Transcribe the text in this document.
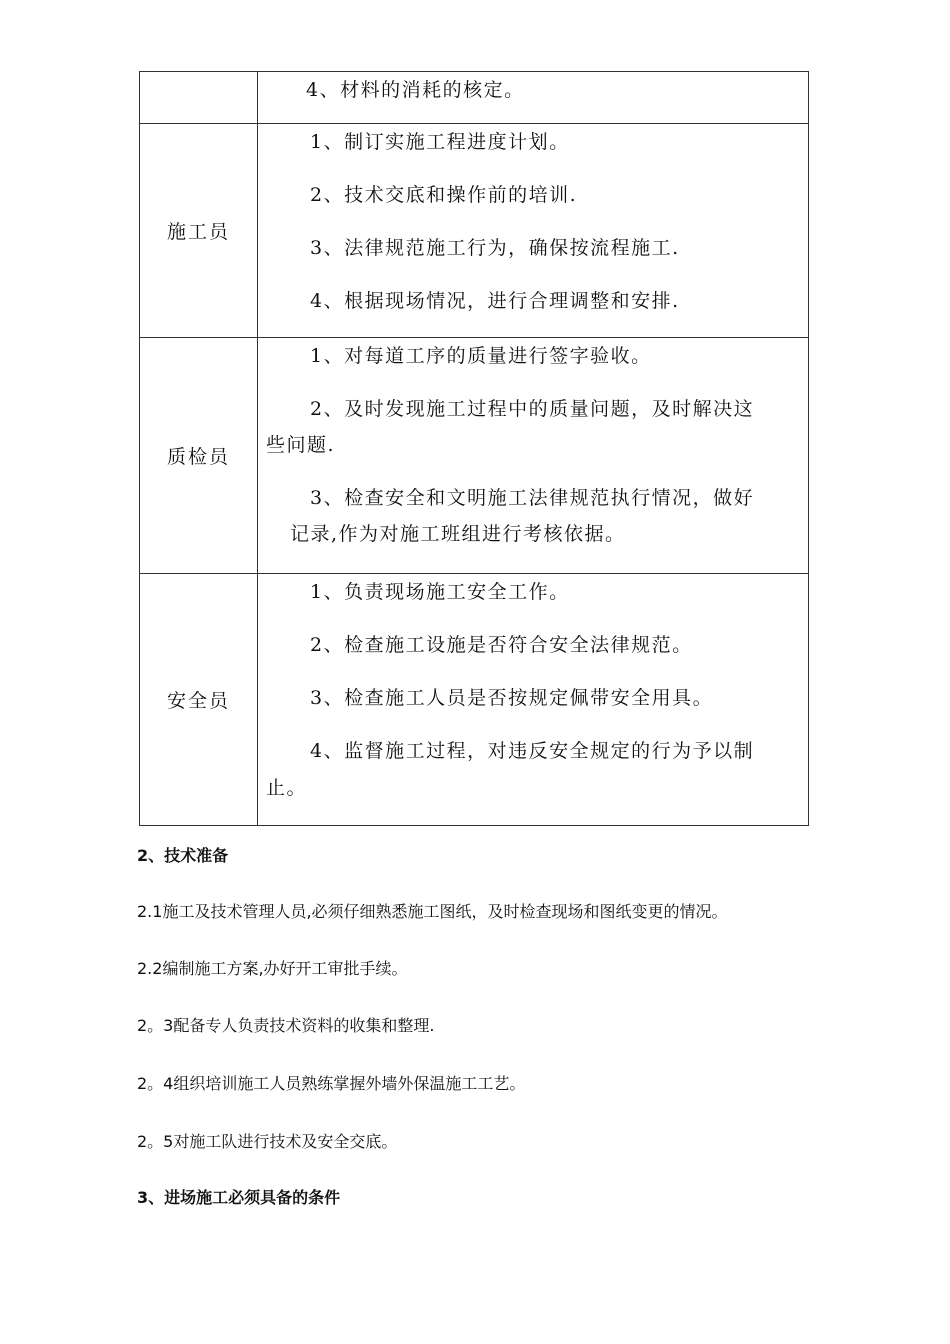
	4、材料的消耗的核定。

施工员	1、制订实施工程进度计划。

2、技术交底和操作前的培训.

3、法律规范施工行为，确保按流程施工.

4、根据现场情况，进行合理调整和安排.

质检员	1、对每道工序的质量进行签字验收。

2、及时发现施工过程中的质量问题，及时解决这

些问题.

3、检查安全和文明施工法律规范执行情况，做好

记录,作为对施工班组进行考核依据。

安全员	1、负责现场施工安全工作。

2、检查施工设施是否符合安全法律规范。

3、检查施工人员是否按规定佩带安全用具。

4、监督施工过程，对违反安全规定的行为予以制

止。

2、技术准备
2.1施工及技术管理人员,必须仔细熟悉施工图纸，及时检查现场和图纸变更的情况。
2.2编制施工方案,办好开工审批手续。
2。3配备专人负责技术资料的收集和整理.
2。4组织培训施工人员熟练掌握外墙外保温施工工艺。
2。5对施工队进行技术及安全交底。
3、进场施工必须具备的条件
